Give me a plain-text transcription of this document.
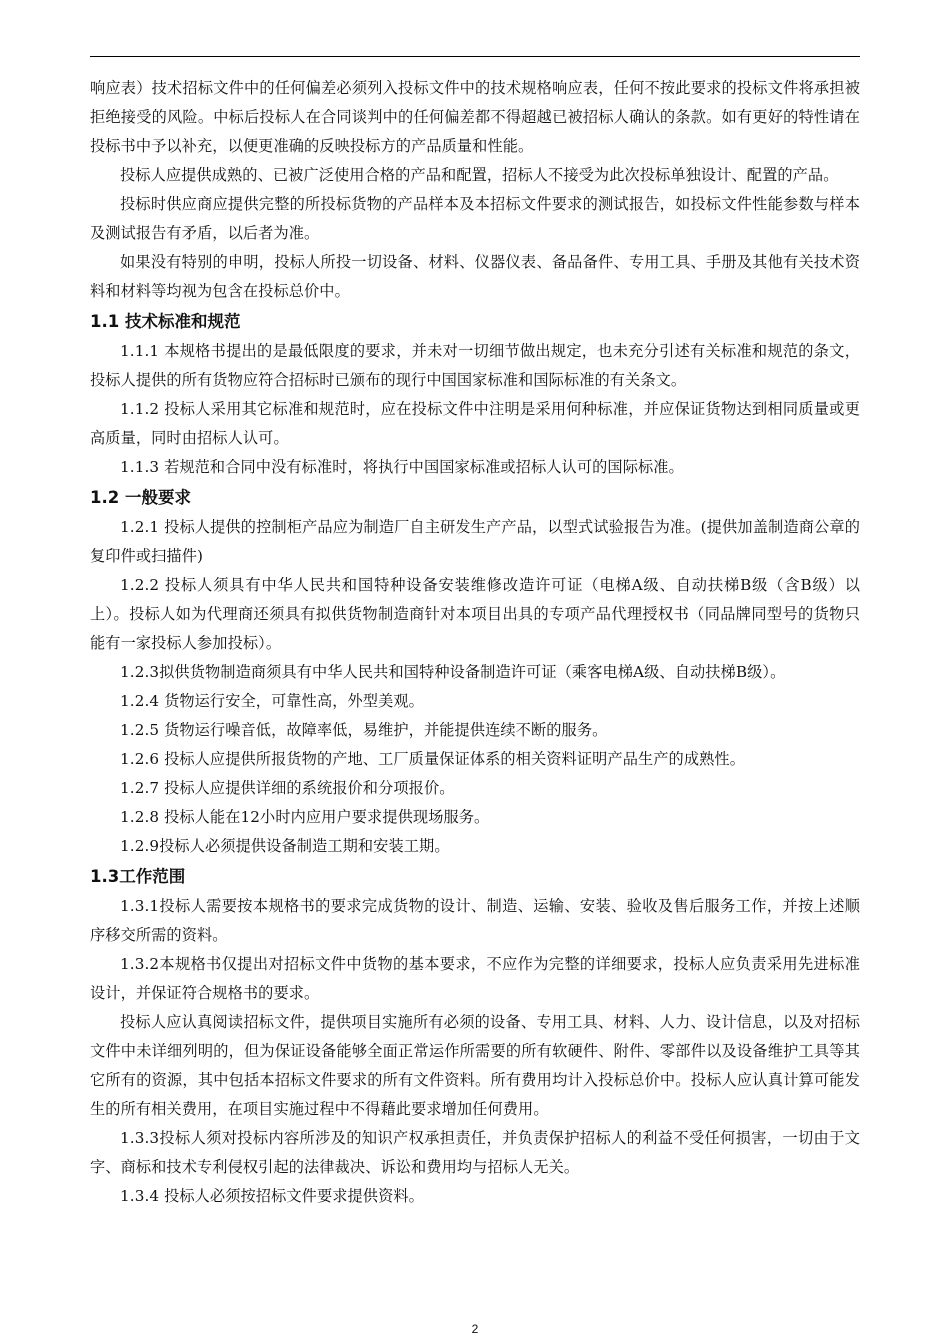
响应表）技术招标文件中的任何偏差必须列入投标文件中的技术规格响应表，任何不按此要求的投标文件将承担被拒绝接受的风险。中标后投标人在合同谈判中的任何偏差都不得超越已被招标人确认的条款。如有更好的特性请在投标书中予以补充，以便更准确的反映投标方的产品质量和性能。

投标人应提供成熟的、已被广泛使用合格的产品和配置，招标人不接受为此次投标单独设计、配置的产品。

投标时供应商应提供完整的所投标货物的产品样本及本招标文件要求的测试报告，如投标文件性能参数与样本及测试报告有矛盾，以后者为准。

如果没有特别的申明，投标人所投一切设备、材料、仪器仪表、备品备件、专用工具、手册及其他有关技术资料和材料等均视为包含在投标总价中。

1.1 技术标准和规范

1.1.1 本规格书提出的是最低限度的要求，并未对一切细节做出规定，也未充分引述有关标准和规范的条文，投标人提供的所有货物应符合招标时已颁布的现行中国国家标准和国际标准的有关条文。

1.1.2 投标人采用其它标准和规范时，应在投标文件中注明是采用何种标准，并应保证货物达到相同质量或更高质量，同时由招标人认可。

1.1.3 若规范和合同中没有标准时，将执行中国国家标准或招标人认可的国际标准。

1.2 一般要求

1.2.1 投标人提供的控制柜产品应为制造厂自主研发生产产品，以型式试验报告为准。(提供加盖制造商公章的复印件或扫描件)

1.2.2 投标人须具有中华人民共和国特种设备安装维修改造许可证（电梯A级、自动扶梯B级（含B级）以上）。投标人如为代理商还须具有拟供货物制造商针对本项目出具的专项产品代理授权书（同品牌同型号的货物只能有一家投标人参加投标）。

1.2.3拟供货物制造商须具有中华人民共和国特种设备制造许可证（乘客电梯A级、自动扶梯B级）。

1.2.4 货物运行安全，可靠性高，外型美观。

1.2.5 货物运行噪音低，故障率低，易维护，并能提供连续不断的服务。

1.2.6 投标人应提供所报货物的产地、工厂质量保证体系的相关资料证明产品生产的成熟性。

1.2.7 投标人应提供详细的系统报价和分项报价。

1.2.8 投标人能在12小时内应用户要求提供现场服务。

1.2.9投标人必须提供设备制造工期和安装工期。

1.3工作范围

1.3.1投标人需要按本规格书的要求完成货物的设计、制造、运输、安装、验收及售后服务工作，并按上述顺序移交所需的资料。

1.3.2本规格书仅提出对招标文件中货物的基本要求，不应作为完整的详细要求，投标人应负责采用先进标准设计，并保证符合规格书的要求。

投标人应认真阅读招标文件，提供项目实施所有必须的设备、专用工具、材料、人力、设计信息，以及对招标文件中未详细列明的，但为保证设备能够全面正常运作所需要的所有软硬件、附件、零部件以及设备维护工具等其它所有的资源，其中包括本招标文件要求的所有文件资料。所有费用均计入投标总价中。投标人应认真计算可能发生的所有相关费用，在项目实施过程中不得藉此要求增加任何费用。

1.3.3投标人须对投标内容所涉及的知识产权承担责任，并负责保护招标人的利益不受任何损害，一切由于文字、商标和技术专利侵权引起的法律裁决、诉讼和费用均与招标人无关。

1.3.4 投标人必须按招标文件要求提供资料。

2
